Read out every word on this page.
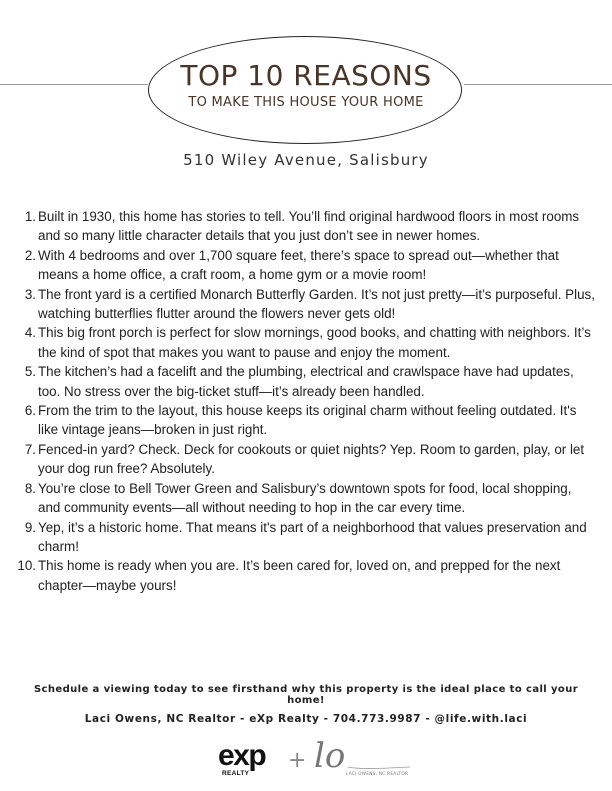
TOP 10 REASONS
TO MAKE THIS HOUSE YOUR HOME
510 Wiley Avenue, Salisbury
1. Built in 1930, this home has stories to tell. You’ll find original hardwood floors in most rooms and so many little character details that you just don’t see in newer homes.
2. With 4 bedrooms and over 1,700 square feet, there’s space to spread out—whether that means a home office, a craft room, a home gym or a movie room!
3. The front yard is a certified Monarch Butterfly Garden. It’s not just pretty—it’s purposeful. Plus, watching butterflies flutter around the flowers never gets old!
4. This big front porch is perfect for slow mornings, good books, and chatting with neighbors. It’s the kind of spot that makes you want to pause and enjoy the moment.
5. The kitchen’s had a facelift and the plumbing, electrical and crawlspace have had updates, too. No stress over the big-ticket stuff—it’s already been handled.
6. From the trim to the layout, this house keeps its original charm without feeling outdated. It's like vintage jeans—broken in just right.
7. Fenced-in yard? Check. Deck for cookouts or quiet nights? Yep. Room to garden, play, or let your dog run free? Absolutely.
8. You’re close to Bell Tower Green and Salisbury’s downtown spots for food, local shopping, and community events—all without needing to hop in the car every time.
9. Yep, it’s a historic home. That means it's part of a neighborhood that values preservation and charm!
10. This home is ready when you are. It’s been cared for, loved on, and prepped for the next chapter—maybe yours!
Schedule a viewing today to see firsthand why this property is the ideal place to call your home!
Laci Owens, NC Realtor - eXp Realty - 704.773.9987 - @life.with.laci
exp
REALTY
+ lo LACI OWENS, NC REALTOR
